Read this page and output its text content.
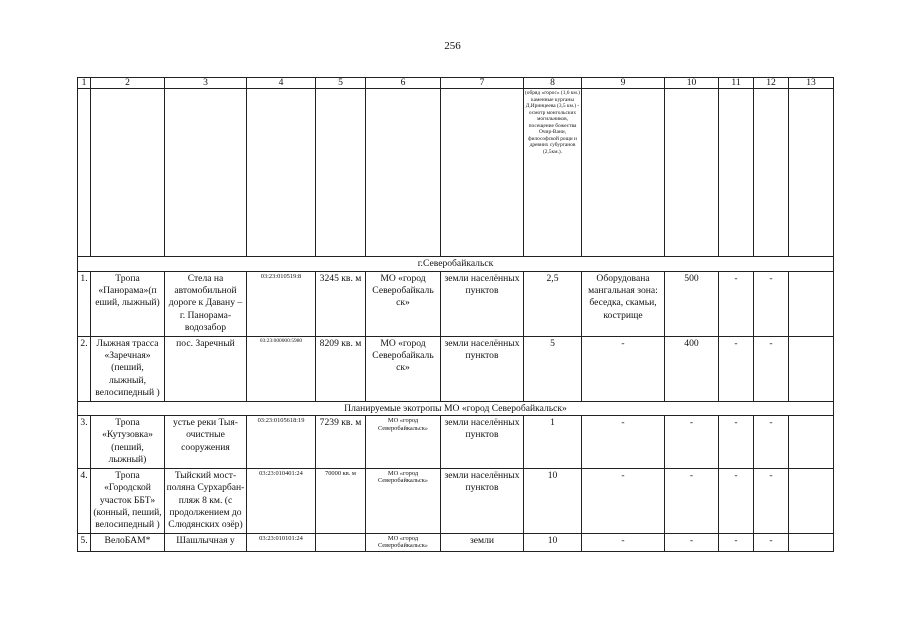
256
1	2	3	4	5	6	7	8	9	10	11	12	13
							(обряд «горос» (1,6 км.) каменные курганы Д.Иринцеева (3,5 км.) - осмотр монгольских могильников, посещение божества Очир-Вани, философской рощи и древних субурганов (2,5км.).					
г.Северобайкальск												
1.	Тропа «Панорама»(п еший, лыжный)	Стела на автомобильной дороге к Давану – г. Панорама-водозабор	03:23:010519:8	3245 кв. м	МО «город Северобайкаль ск»	земли населённых пунктов	2,5	Оборудована мангальная зона: беседка, скамьи, кострище	500	-	-	
2.	Лыжная трасса «Заречная» (пеший, лыжный, велосипедный )	пос. Заречный	03:23:000000:5980	8209 кв. м	МО «город Северобайкаль ск»	земли населённых пунктов	5	-	400	-	-	
Планируемые экотропы МО «город Северобайкальск»												
3.	Тропа «Кутузовка» (пеший, лыжный)	устье реки Тыя- очистные сооружения	03:23:0105618:19	7239 кв. м	МО «город Северобайкальск»	земли населённых пунктов	1	-	-	-	-	
4.	Тропа «Городской участок ББТ» (конный, пеший, велосипедный )	Тыйский мост-поляна Сурхарбан-пляж 8 км. (с продолжением до Слюдянских озёр)	03:23:010401:24	70000 кв. м	МО «город Северобайкальск»	земли населённых пунктов	10	-	-	-	-	
5.	ВелоБАМ*	Шашлычная у	03:23:010101:24		МО «город Северобайкальск»	земли	10	-	-	-	-	
